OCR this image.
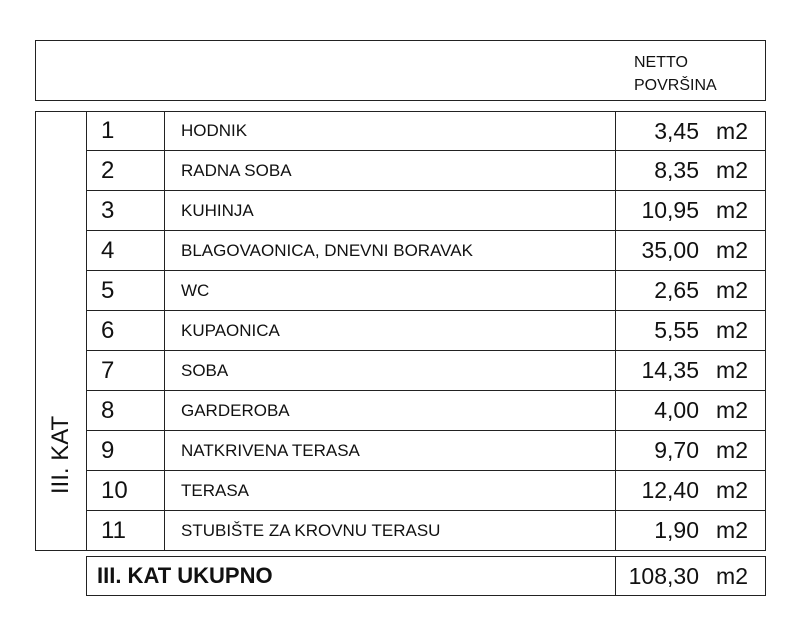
NETTO
POVRŠINA
III. KAT
1	HODNIK	3,45 m2
2	RADNA SOBA	8,35 m2
3	KUHINJA	10,95 m2
4	BLAGOVAONICA, DNEVNI BORAVAK	35,00 m2
5	WC	2,65 m2
6	KUPAONICA	5,55 m2
7	SOBA	14,35 m2
8	GARDEROBA	4,00 m2
9	NATKRIVENA TERASA	9,70 m2
10	TERASA	12,40 m2
11	STUBIŠTE ZA KROVNU TERASU	1,90 m2
III. KAT UKUPNO	108,30 m2
